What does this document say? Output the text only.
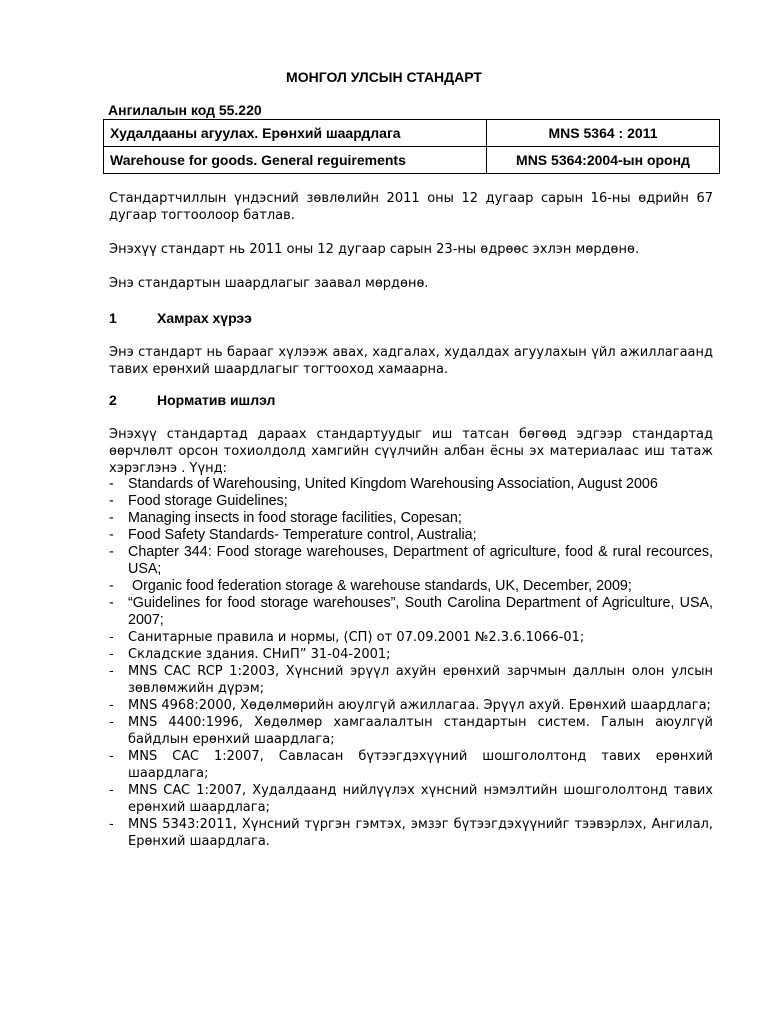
МОНГОЛ УЛСЫН СТАНДАРТ
Ангилалын код 55.220
Худалдааны агуулах. Ерөнхий шаардлага	MNS 5364 : 2011
Warehouse for goods. General reguirements	MNS 5364:2004-ын оронд
Стандартчиллын үндэсний зөвлөлийн 2011 оны 12 дугаар сарын 16-ны өдрийн 67 дугаар тогтоолоор батлав.
Энэхүү стандарт нь 2011 оны 12 дугаар сарын 23-ны өдрөөс эхлэн мөрдөнө.
Энэ стандартын шаардлагыг заавал мөрдөнө.
1	Хамрах хүрээ
Энэ стандарт нь барааг хүлээж авах, хадгалах, худалдах агуулахын үйл ажиллагаанд тавих ерөнхий шаардлагыг тогтооход хамаарна.
2	Норматив ишлэл
Энэхүү стандартад дараах стандартуудыг иш татсан бөгөөд эдгээр стандартад өөрчлөлт орсон тохиолдолд хамгийн сүүлчийн албан ёсны эх материалаас иш татаж хэрэглэнэ . Үүнд:
- Standards of Warehousing, United Kingdom Warehousing Association, August 2006
- Food storage Guidelines;
- Managing insects in food storage facilities, Copesan;
- Food Safety Standards- Temperature control, Australia;
- Chapter 344: Food storage warehouses, Department of agriculture, food & rural recources, USA;
- Organic food federation storage & warehouse standards, UK, December, 2009;
- “Guidelines for food storage warehouses”, South Carolina Department of Agriculture, USA, 2007;
- Санитарные правила и нормы, (СП) от 07.09.2001 №2.3.6.1066-01;
- Складские здания. СНиП” 31-04-2001;
- MNS CAC RCP 1:2003, Хүнсний эрүүл ахуйн ерөнхий зарчмын даллын олон улсын зөвлөмжийн дүрэм;
- MNS 4968:2000, Хөдөлмөрийн аюулгүй ажиллагаа. Эрүүл ахуй. Ерөнхий шаардлага;
- MNS 4400:1996, Хөдөлмөр хамгаалалтын стандартын систем. Галын аюулгүй байдлын ерөнхий шаардлага;
- MNS CAC 1:2007, Савласан бүтээгдэхүүний шошгололтонд тавих ерөнхий шаардлага;
- MNS CAC 1:2007, Худалдаанд нийлүүлэх хүнсний нэмэлтийн шошгололтонд тавих ерөнхий шаардлага;
- MNS 5343:2011, Хүнсний түргэн гэмтэх, эмзэг бүтээгдэхүүнийг тээвэрлэх, Ангилал, Ерөнхий шаардлага.
